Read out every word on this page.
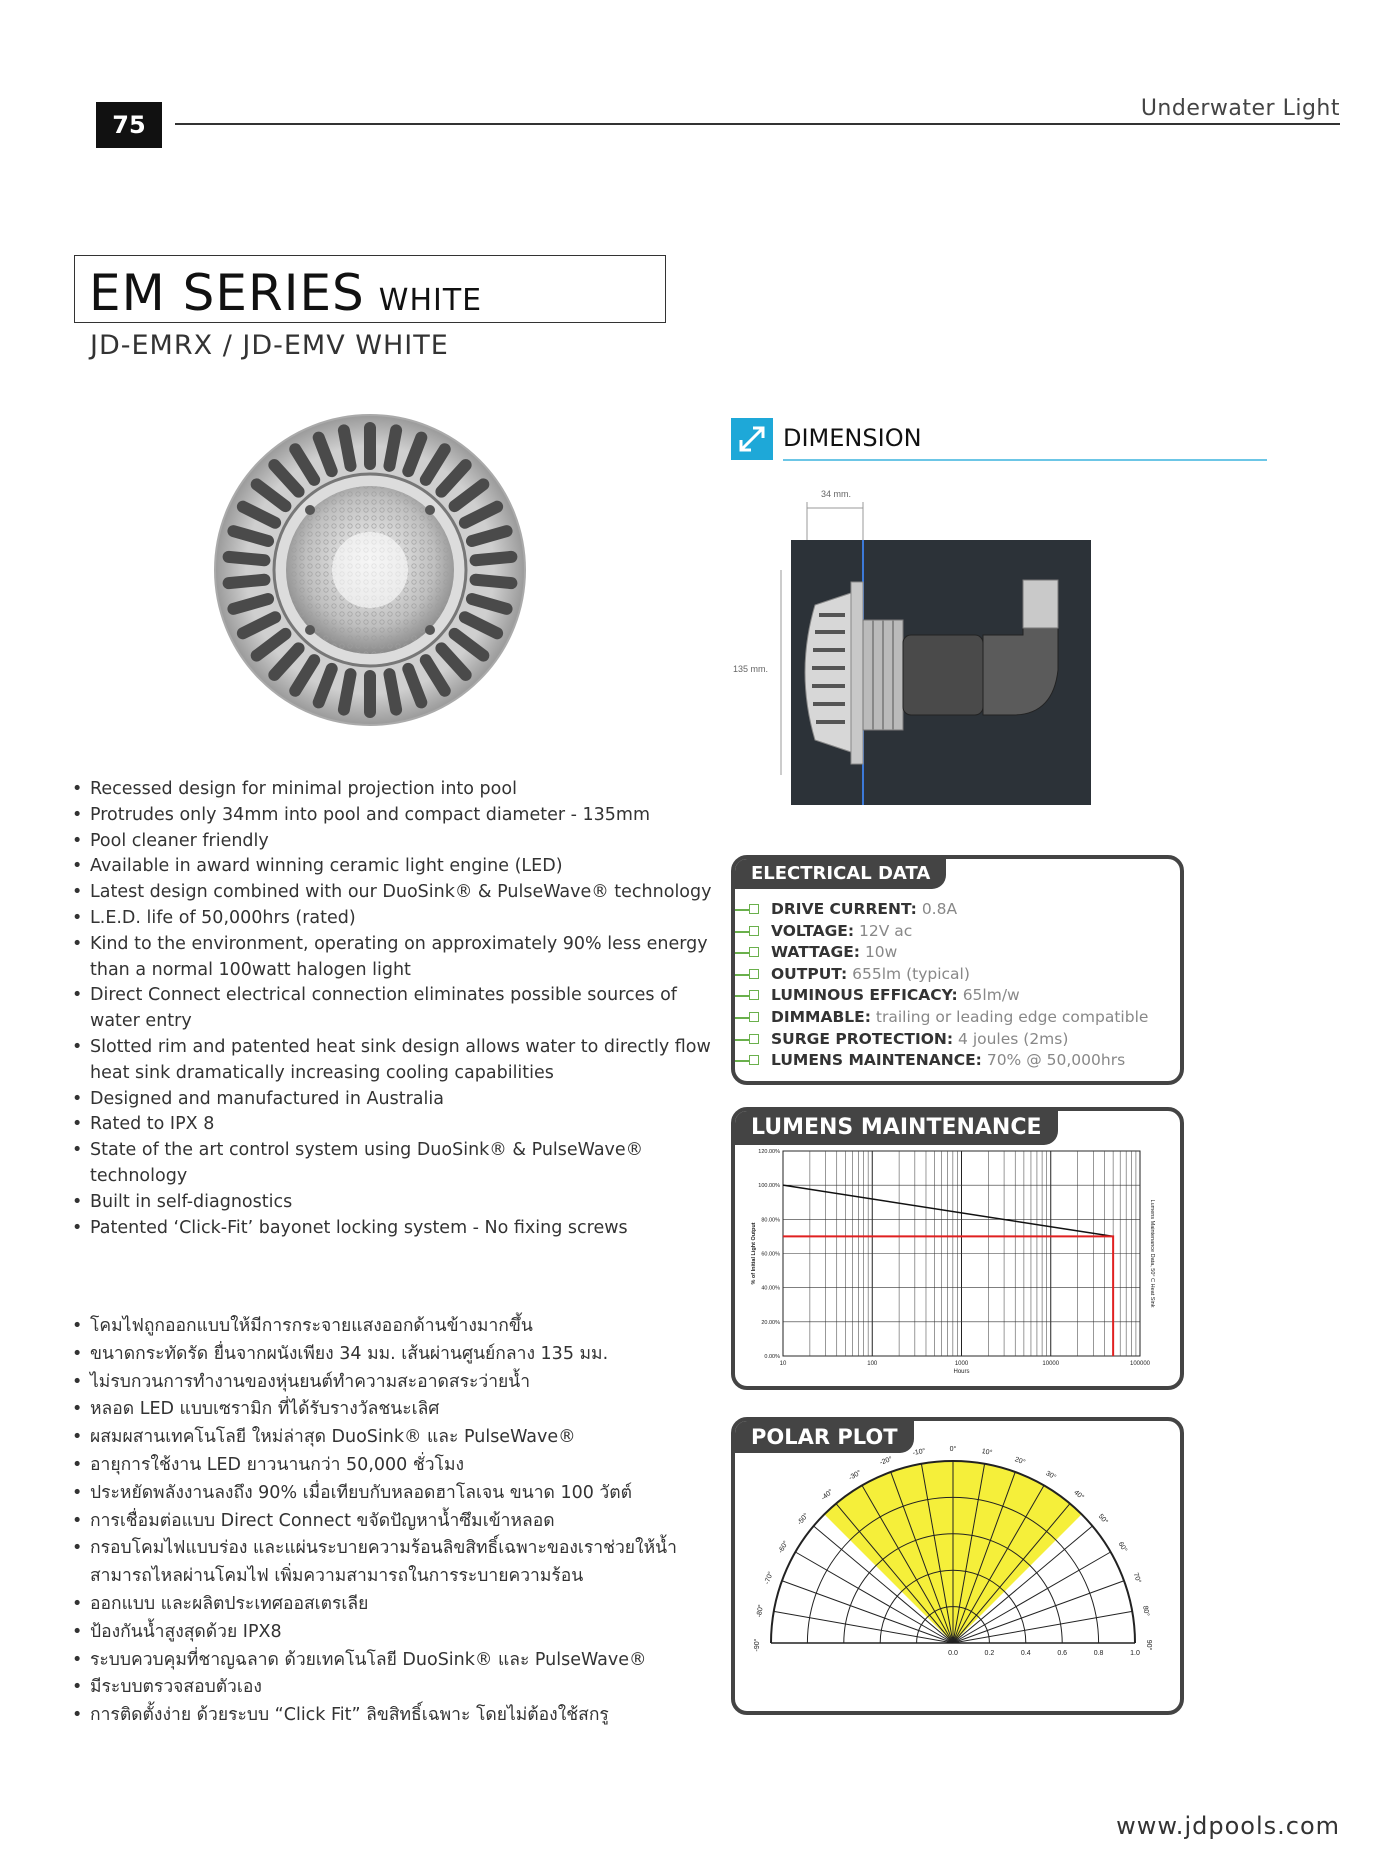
75
Underwater Light
EM SERIES WHITE
JD-EMRX / JD-EMV WHITE
• Recessed design for minimal projection into pool
• Protrudes only 34mm into pool and compact diameter - 135mm
• Pool cleaner friendly
• Available in award winning ceramic light engine (LED)
• Latest design combined with our DuoSink® & PulseWave® technology
• L.E.D. life of 50,000hrs (rated)
• Kind to the environment, operating on approximately 90% less energy than a normal 100watt halogen light
• Direct Connect electrical connection eliminates possible sources of water entry
• Slotted rim and patented heat sink design allows water to directly flow heat sink dramatically increasing cooling capabilities
• Designed and manufactured in Australia
• Rated to IPX 8
• State of the art control system using DuoSink® & PulseWave® technology
• Built in self-diagnostics
• Patented ‘Click-Fit’ bayonet locking system - No fixing screws
• โคมไฟถูกออกแบบให้มีการกระจายแสงออกด้านข้างมากขึ้น
• ขนาดกระทัดรัด ยื่นจากผนังเพียง 34 มม. เส้นผ่านศูนย์กลาง 135 มม.
• ไม่รบกวนการทำงานของหุ่นยนต์ทำความสะอาดสระว่ายน้ำ
• หลอด LED แบบเซรามิก ที่ได้รับรางวัลชนะเลิศ
• ผสมผสานเทคโนโลยี ใหม่ล่าสุด DuoSink® และ PulseWave®
• อายุการใช้งาน LED ยาวนานกว่า 50,000 ชั่วโมง
• ประหยัดพลังงานลงถึง 90% เมื่อเทียบกับหลอดฮาโลเจน ขนาด 100 วัตต์
• การเชื่อมต่อแบบ Direct Connect ขจัดปัญหาน้ำซึมเข้าหลอด
• กรอบโคมไฟแบบร่อง และแผ่นระบายความร้อนลิขสิทธิ์เฉพาะของเราช่วยให้น้ำสามารถไหลผ่านโคมไฟ เพิ่มความสามารถในการระบายความร้อน
• ออกแบบ และผลิตประเทศออสเตรเลีย
• ป้องกันน้ำสูงสุดด้วย IPX8
• ระบบควบคุมที่ชาญฉลาด ด้วยเทคโนโลยี DuoSink® และ PulseWave®
• มีระบบตรวจสอบตัวเอง
• การติดตั้งง่าย ด้วยระบบ “Click Fit” ลิขสิทธิ์เฉพาะ โดยไม่ต้องใช้สกรู
DIMENSION
34 mm.
135 mm.
ELECTRICAL DATA
DRIVE CURRENT: 0.8A
VOLTAGE: 12V ac
WATTAGE: 10w
OUTPUT: 655lm (typical)
LUMINOUS EFFICACY: 65lm/w
DIMMABLE: trailing or leading edge compatible
SURGE PROTECTION: 4 joules (2ms)
LUMENS MAINTENANCE: 70% @ 50,000hrs
10	100	1000	10000	100000
0.00%
20.00%
40.00%
60.00%
80.00%
100.00%
120.00%
Hours
% of Initial Light Output	Lumens Maintenance Data, 50° C Heat Sink
LUMENS MAINTENANCE
-90°
-80°
-70°
-60°
-50°
-40°
-30°
-20°
-10°	0°	10°
20°
30°
40°
50°
60°
70°
80°
90°
0.0	0.2	0.4	0.6	0.8	1.0
POLAR PLOT
www.jdpools.com
